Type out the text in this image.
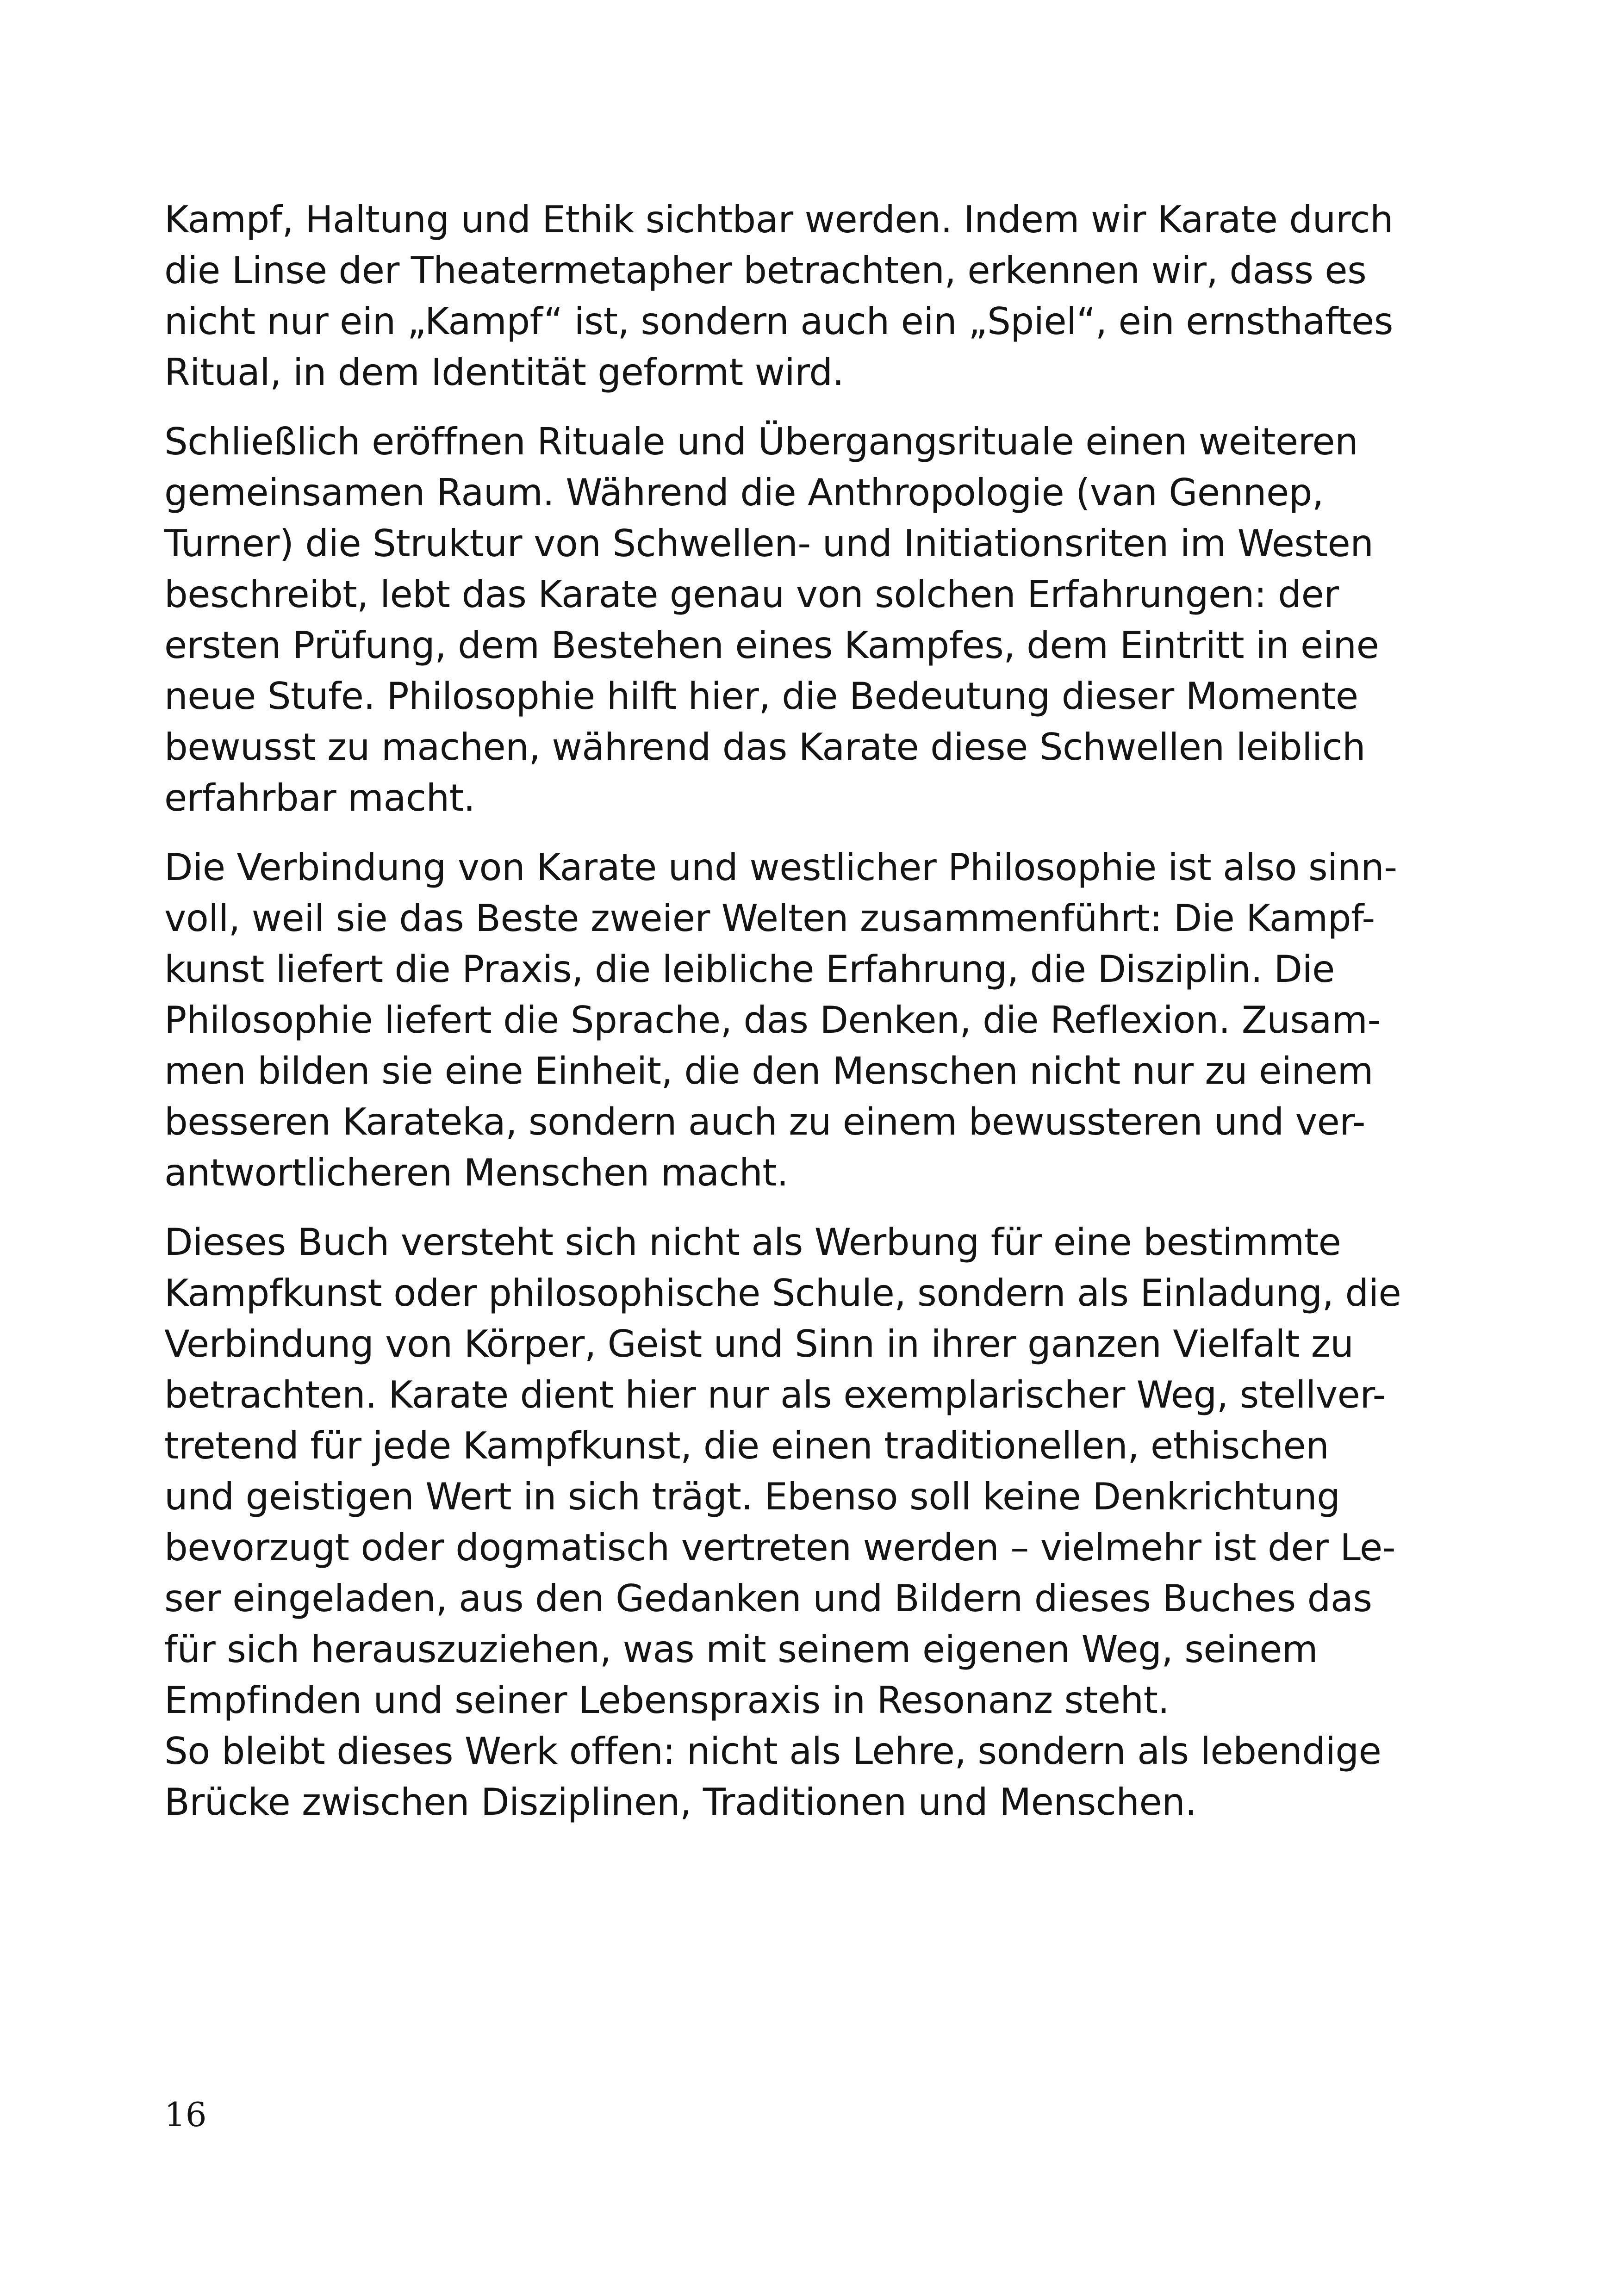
Kampf, Haltung und Ethik sichtbar werden. Indem wir Karate durch
die Linse der Theatermetapher betrachten, erkennen wir, dass es
nicht nur ein „Kampf“ ist, sondern auch ein „Spiel“, ein ernsthaftes
Ritual, in dem Identität geformt wird.

Schließlich eröffnen Rituale und Übergangsrituale einen weiteren
gemeinsamen Raum. Während die Anthropologie (van Gennep,
Turner) die Struktur von Schwellen- und Initiationsriten im Westen
beschreibt, lebt das Karate genau von solchen Erfahrungen: der
ersten Prüfung, dem Bestehen eines Kampfes, dem Eintritt in eine
neue Stufe. Philosophie hilft hier, die Bedeutung dieser Momente
bewusst zu machen, während das Karate diese Schwellen leiblich
erfahrbar macht.

Die Verbindung von Karate und westlicher Philosophie ist also sinn-
voll, weil sie das Beste zweier Welten zusammenführt: Die Kampf-
kunst liefert die Praxis, die leibliche Erfahrung, die Disziplin. Die
Philosophie liefert die Sprache, das Denken, die Reflexion. Zusam-
men bilden sie eine Einheit, die den Menschen nicht nur zu einem
besseren Karateka, sondern auch zu einem bewussteren und ver-
antwortlicheren Menschen macht.

Dieses Buch versteht sich nicht als Werbung für eine bestimmte
Kampfkunst oder philosophische Schule, sondern als Einladung, die
Verbindung von Körper, Geist und Sinn in ihrer ganzen Vielfalt zu
betrachten. Karate dient hier nur als exemplarischer Weg, stellver-
tretend für jede Kampfkunst, die einen traditionellen, ethischen
und geistigen Wert in sich trägt. Ebenso soll keine Denkrichtung
bevorzugt oder dogmatisch vertreten werden – vielmehr ist der Le-
ser eingeladen, aus den Gedanken und Bildern dieses Buches das
für sich herauszuziehen, was mit seinem eigenen Weg, seinem
Empfinden und seiner Lebenspraxis in Resonanz steht.
So bleibt dieses Werk offen: nicht als Lehre, sondern als lebendige
Brücke zwischen Disziplinen, Traditionen und Menschen.

16
